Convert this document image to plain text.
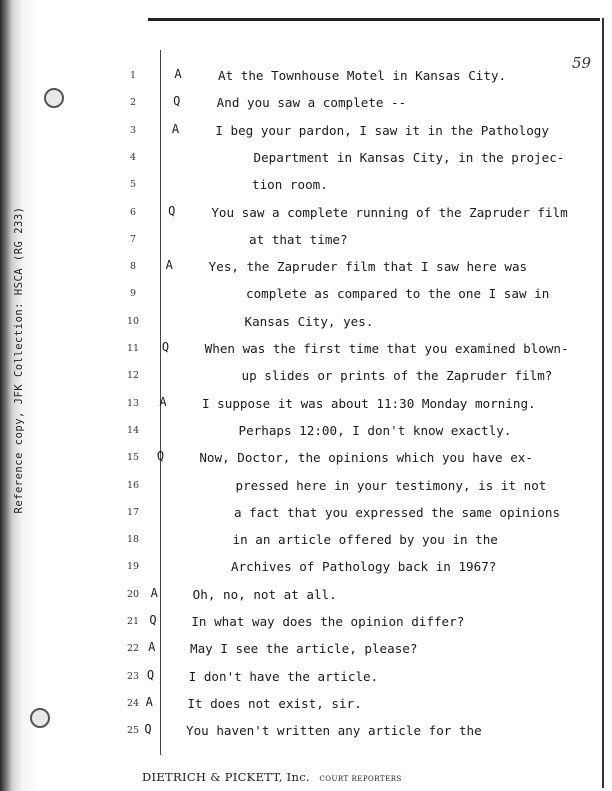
Reference copy, JFK Collection: HSCA (RG 233)
59
1	A	At the Townhouse Motel in Kansas City.
2	Q	And you saw a complete --
3	A	I beg your pardon, I saw it in the Pathology
4	Department in Kansas City, in the projec-
5	tion room.
6	Q	You saw a complete running of the Zapruder film
7	at that time?
8	A	Yes, the Zapruder film that I saw here was
9	complete as compared to the one I saw in
10	Kansas City, yes.
11	Q	When was the first time that you examined blown-
12	up slides or prints of the Zapruder film?
13	A	I suppose it was about 11:30 Monday morning.
14	Perhaps 12:00, I don't know exactly.
15	Q	Now, Doctor, the opinions which you have ex-
16	pressed here in your testimony, is it not
17	a fact that you expressed the same opinions
18	in an article offered by you in the
19	Archives of Pathology back in 1967?
20 A	Oh, no, not at all.
21 Q	In what way does the opinion differ?
22 A	May I see the article, please?
23 Q	I don't have the article.
24 A	It does not exist, sir.
25 Q	You haven't written any article for the
DIETRICH & PICKETT, Inc. COURT REPORTERS
